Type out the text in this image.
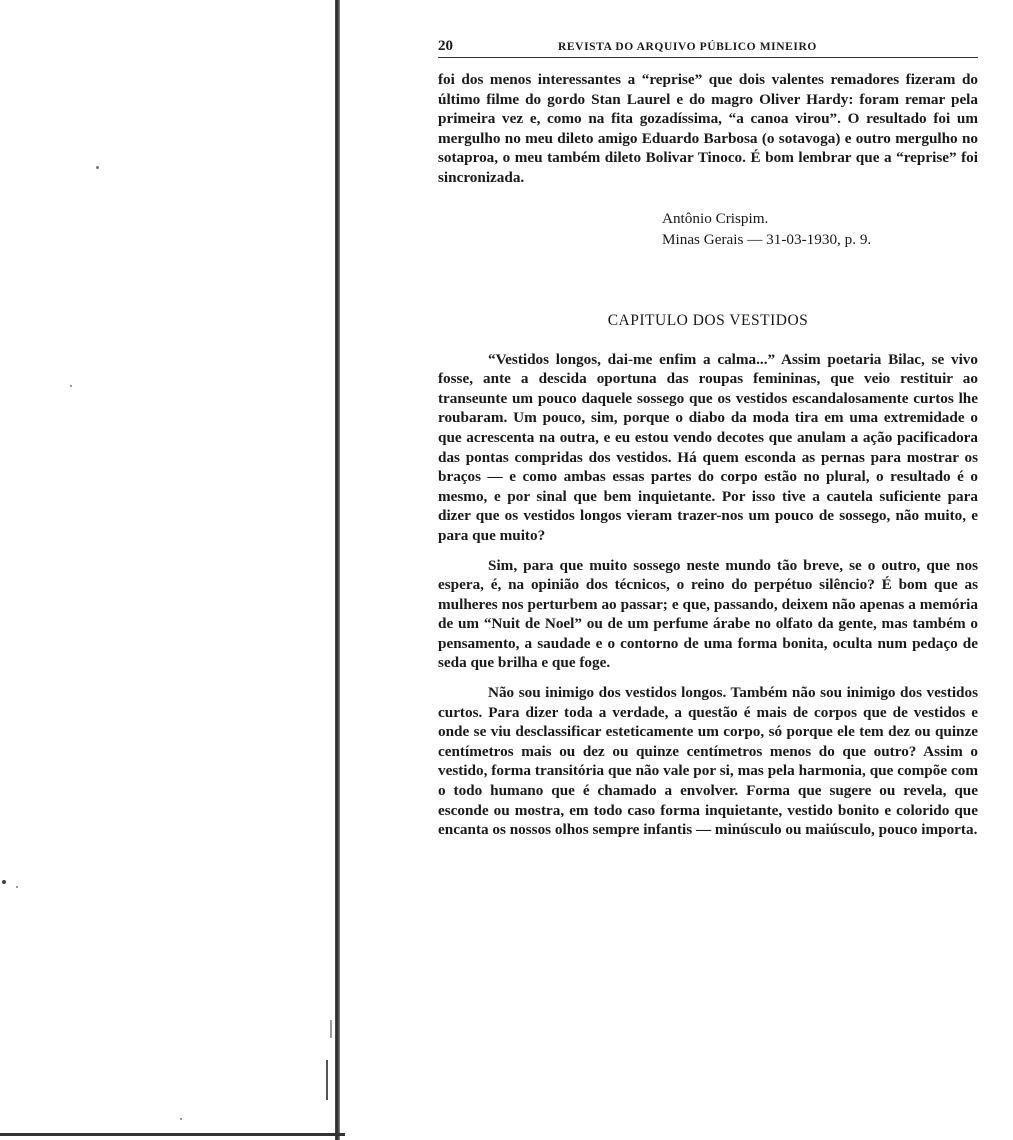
20	REVISTA DO ARQUIVO PÚBLICO MINEIRO

foi dos menos interessantes a “reprise” que dois valentes remadores fizeram do último filme do gordo Stan Laurel e do magro Oliver Hardy: foram remar pela primeira vez e, como na fita gozadíssima, “a canoa virou”. O resultado foi um mergulho no meu dileto amigo Eduardo Barbosa (o sotavoga) e outro mergulho no sotaproa, o meu também dileto Bolivar Tinoco. É bom lembrar que a “reprise” foi sincronizada.

Antônio Crispim.
Minas Gerais — 31-03-1930, p. 9.
CAPITULO DOS VESTIDOS

“Vestidos longos, dai-me enfim a calma...” Assim poetaria Bilac, se vivo fosse, ante a descida oportuna das roupas femininas, que veio restituir ao transeunte um pouco daquele sossego que os vestidos escandalosamente curtos lhe roubaram. Um pouco, sim, porque o diabo da moda tira em uma extremidade o que acrescenta na outra, e eu estou vendo decotes que anulam a ação pacificadora das pontas compridas dos vestidos. Há quem esconda as pernas para mostrar os braços — e como ambas essas partes do corpo estão no plural, o resultado é o mesmo, e por sinal que bem inquietante. Por isso tive a cautela suficiente para dizer que os vestidos longos vieram trazer-nos um pouco de sossego, não muito, e para que muito?

Sim, para que muito sossego neste mundo tão breve, se o outro, que nos espera, é, na opinião dos técnicos, o reino do perpétuo silêncio? É bom que as mulheres nos perturbem ao passar; e que, passando, deixem não apenas a memória de um “Nuit de Noel” ou de um perfume árabe no olfato da gente, mas também o pensamento, a saudade e o contorno de uma forma bonita, oculta num pedaço de seda que brilha e que foge.

Não sou inimigo dos vestidos longos. Também não sou inimigo dos vestidos curtos. Para dizer toda a verdade, a questão é mais de corpos que de vestidos e onde se viu desclassificar esteticamente um corpo, só porque ele tem dez ou quinze centímetros mais ou dez ou quinze centímetros menos do que outro? Assim o vestido, forma transitória que não vale por si, mas pela harmonia, que compõe com o todo humano que é chamado a envolver. Forma que sugere ou revela, que esconde ou mostra, em todo caso forma inquietante, vestido bonito e colorido que encanta os nossos olhos sempre infantis — minúsculo ou maiúsculo, pouco importa.
